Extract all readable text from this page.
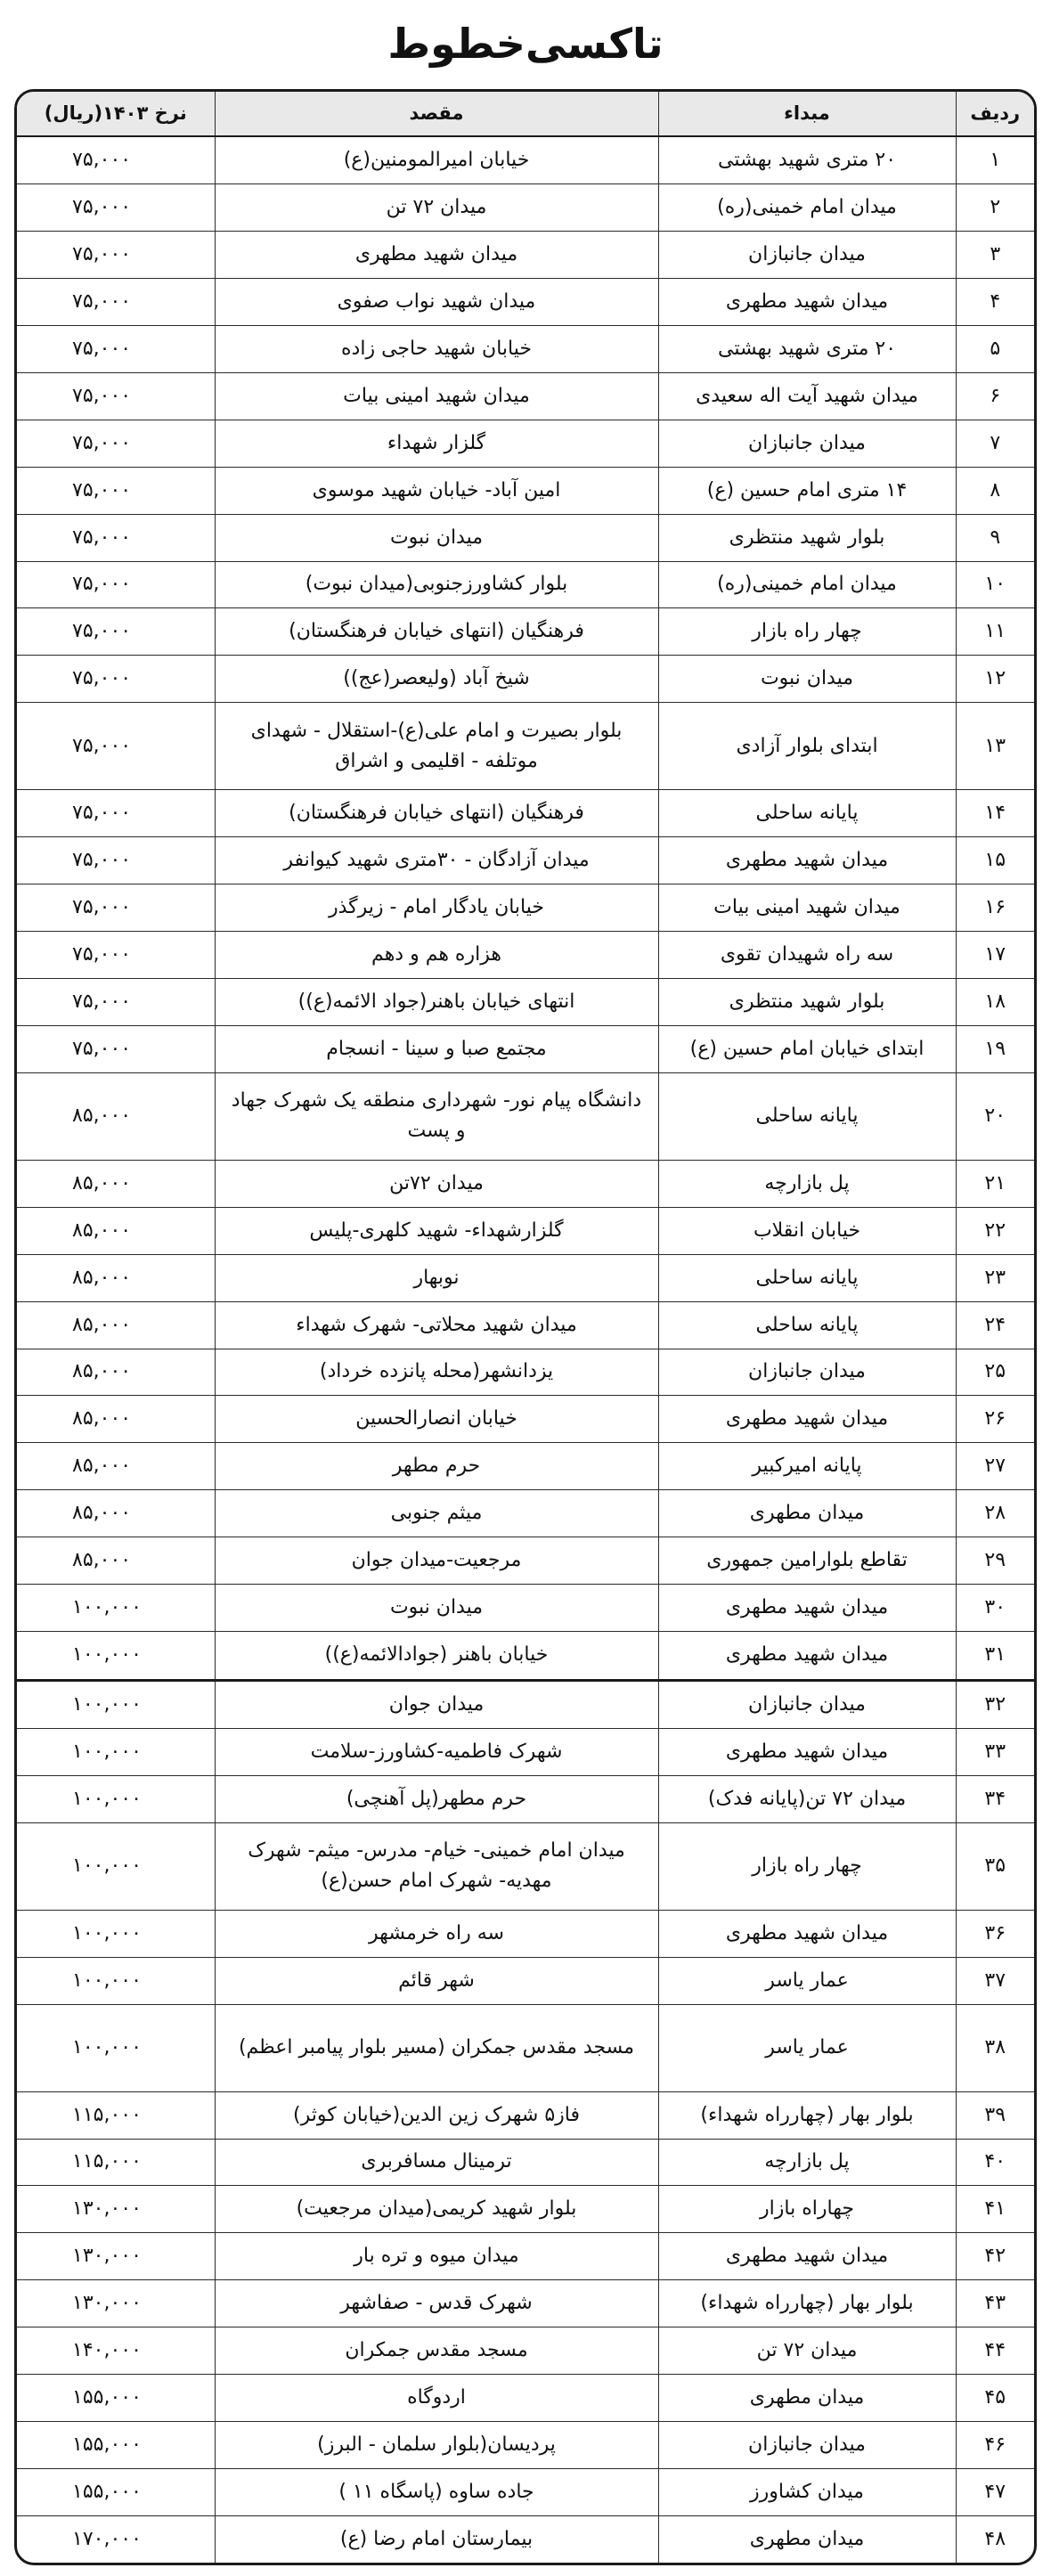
تاکسی‌خطوط
ردیف	مبداء	مقصد	نرخ ۱۴۰۳(ریال)
۱	۲۰ متری شهید بهشتی	خیابان امیرالمومنین(ع)	۷۵,۰۰۰
۲	میدان امام خمینی(ره)	میدان ۷۲ تن	۷۵,۰۰۰
۳	میدان جانبازان	میدان شهید مطهری	۷۵,۰۰۰
۴	میدان شهید مطهری	میدان شهید نواب صفوی	۷۵,۰۰۰
۵	۲۰ متری شهید بهشتی	خیابان شهید حاجی زاده	۷۵,۰۰۰
۶	میدان شهید آیت اله سعیدی	میدان شهید امینی بیات	۷۵,۰۰۰
۷	میدان جانبازان	گلزار شهداء	۷۵,۰۰۰
۸	۱۴ متری امام حسین (ع)	امین آباد- خیابان شهید موسوی	۷۵,۰۰۰
۹	بلوار شهید منتظری	میدان نبوت	۷۵,۰۰۰
۱۰	میدان امام خمینی(ره)	بلوار کشاورزجنوبی(میدان نبوت)	۷۵,۰۰۰
۱۱	چهار راه بازار	فرهنگیان (انتهای خیابان فرهنگستان)	۷۵,۰۰۰
۱۲	میدان نبوت	شیخ آباد (ولیعصر(عج))	۷۵,۰۰۰
۱۳	ابتدای بلوار آزادی	بلوار بصیرت و امام علی(ع)-استقلال - شهدای موتلفه - اقلیمی و اشراق	۷۵,۰۰۰
۱۴	پایانه ساحلی	فرهنگیان (انتهای خیابان فرهنگستان)	۷۵,۰۰۰
۱۵	میدان شهید مطهری	میدان آزادگان - ۳۰متری شهید کیوانفر	۷۵,۰۰۰
۱۶	میدان شهید امینی بیات	خیابان یادگار امام - زیرگذر	۷۵,۰۰۰
۱۷	سه راه شهیدان تقوی	هزاره هم و دهم	۷۵,۰۰۰
۱۸	بلوار شهید منتظری	انتهای خیابان باهنر(جواد الائمه(ع))	۷۵,۰۰۰
۱۹	ابتدای خیابان امام حسین (ع)	مجتمع صبا و سینا - انسجام	۷۵,۰۰۰
۲۰	پایانه ساحلی	دانشگاه پیام نور- شهرداری منطقه یک شهرک جهاد و پست	۸۵,۰۰۰
۲۱	پل بازارچه	میدان ۷۲تن	۸۵,۰۰۰
۲۲	خیابان انقلاب	گلزارشهداء- شهید کلهری-پلیس	۸۵,۰۰۰
۲۳	پایانه ساحلی	نوبهار	۸۵,۰۰۰
۲۴	پایانه ساحلی	میدان شهید محلاتی- شهرک شهداء	۸۵,۰۰۰
۲۵	میدان جانبازان	یزدانشهر(محله پانزده خرداد)	۸۵,۰۰۰
۲۶	میدان شهید مطهری	خیابان انصارالحسین	۸۵,۰۰۰
۲۷	پایانه امیرکبیر	حرم مطهر	۸۵,۰۰۰
۲۸	میدان مطهری	میثم جنوبی	۸۵,۰۰۰
۲۹	تقاطع بلوارامین جمهوری	مرجعیت-میدان جوان	۸۵,۰۰۰
۳۰	میدان شهید مطهری	میدان نبوت	۱۰۰,۰۰۰
۳۱	میدان شهید مطهری	خیابان باهنر (جوادالائمه(ع))	۱۰۰,۰۰۰
۳۲	میدان جانبازان	میدان جوان	۱۰۰,۰۰۰
۳۳	میدان شهید مطهری	شهرک فاطمیه-کشاورز-سلامت	۱۰۰,۰۰۰
۳۴	میدان ۷۲ تن(پایانه فدک)	حرم مطهر(پل آهنچی)	۱۰۰,۰۰۰
۳۵	چهار راه بازار	میدان امام خمینی- خیام- مدرس- میثم- شهرک مهدیه- شهرک امام حسن(ع)	۱۰۰,۰۰۰
۳۶	میدان شهید مطهری	سه راه خرمشهر	۱۰۰,۰۰۰
۳۷	عمار یاسر	شهر قائم	۱۰۰,۰۰۰
۳۸	عمار یاسر	مسجد مقدس جمکران (مسیر بلوار پیامبر اعظم)	۱۰۰,۰۰۰
۳۹	بلوار بهار (چهارراه شهداء)	فاز۵ شهرک زین الدین(خیابان کوثر)	۱۱۵,۰۰۰
۴۰	پل بازارچه	ترمینال مسافربری	۱۱۵,۰۰۰
۴۱	چهاراه بازار	بلوار شهید کریمی(میدان مرجعیت)	۱۳۰,۰۰۰
۴۲	میدان شهید مطهری	میدان میوه و تره بار	۱۳۰,۰۰۰
۴۳	بلوار بهار (چهارراه شهداء)	شهرک قدس - صفاشهر	۱۳۰,۰۰۰
۴۴	میدان ۷۲ تن	مسجد مقدس جمکران	۱۴۰,۰۰۰
۴۵	میدان مطهری	اردوگاه	۱۵۵,۰۰۰
۴۶	میدان جانبازان	پردیسان(بلوار سلمان - البرز)	۱۵۵,۰۰۰
۴۷	میدان کشاورز	جاده ساوه (پاسگاه ۱۱ )	۱۵۵,۰۰۰
۴۸	میدان مطهری	بیمارستان امام رضا (ع)	۱۷۰,۰۰۰
